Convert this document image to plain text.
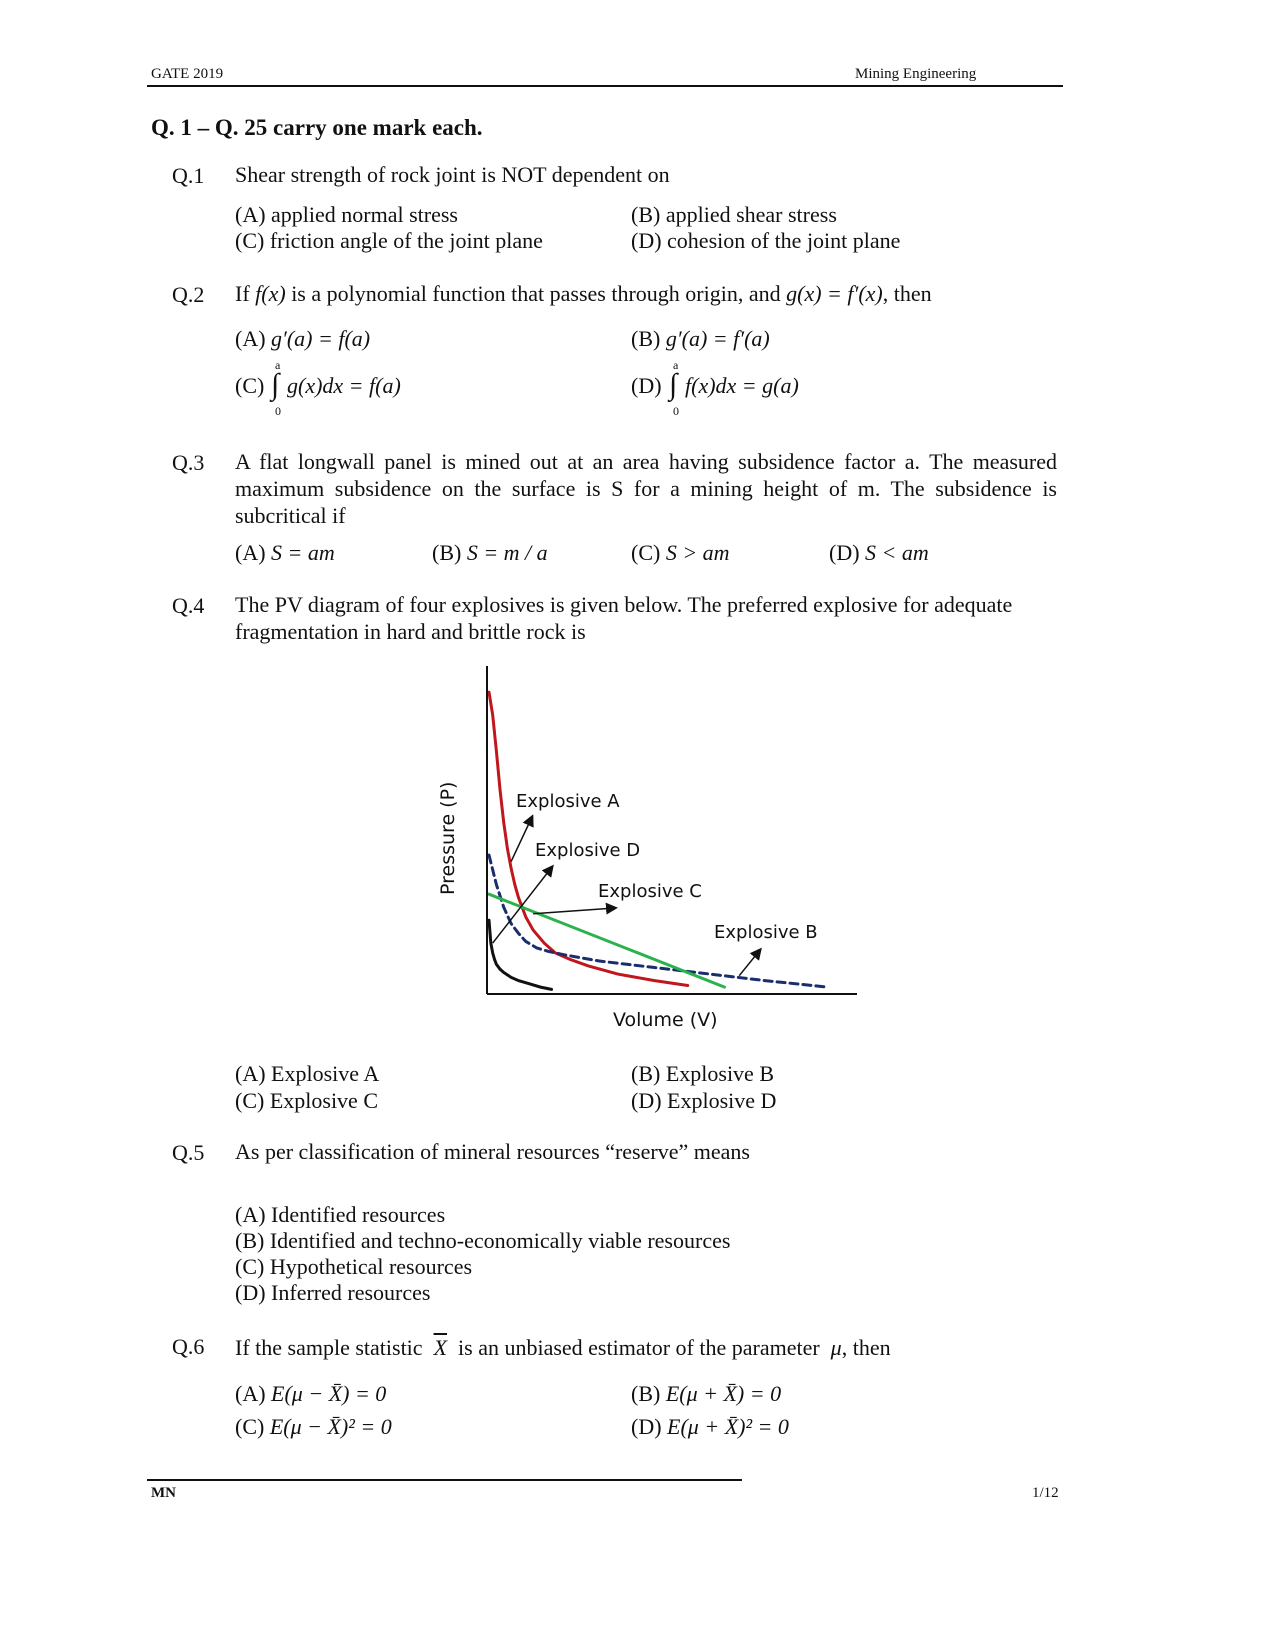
GATE 2019	Mining Engineering
Q. 1 – Q. 25 carry one mark each.
Q.1 Shear strength of rock joint is NOT dependent on
(A) applied normal stress	(B) applied shear stress
(C) friction angle of the joint plane	(D) cohesion of the joint plane
Q.2 If f(x) is a polynomial function that passes through origin, and g(x) = f′(x), then
(A) g′(a) = f(a)	(B) g′(a) = f′(a)
(C)
a
∫
0
g(x)dx = f(a)	(D)
a
∫
0
f(x)dx = g(a)
Q.3 A flat longwall panel is mined out at an area having subsidence factor a. The measured maximum subsidence on the surface is S for a mining height of m. The subsidence is subcritical if
(A) S = am	(B) S = m / a	(C) S > am	(D) S < am
Q.4 The PV diagram of four explosives is given below. The preferred explosive for adequate fragmentation in hard and brittle rock is
Pressure (P)
Volume (V)
Explosive A
Explosive D
Explosive C
Explosive B
(A) Explosive A	(B) Explosive B
(C) Explosive C	(D) Explosive D
Q.5 As per classification of mineral resources “reserve” means
(A) Identified resources
(B) Identified and techno-economically viable resources
(C) Hypothetical resources
(D) Inferred resources
Q.6 If the sample statistic $\overline{X}$ is an unbiased estimator of the parameter μ, then
(A) E(μ − X̄) = 0	(B) E(μ + X̄) = 0
(C) E(μ − X̄)² = 0	(D) E(μ + X̄)² = 0
MN	1/12
